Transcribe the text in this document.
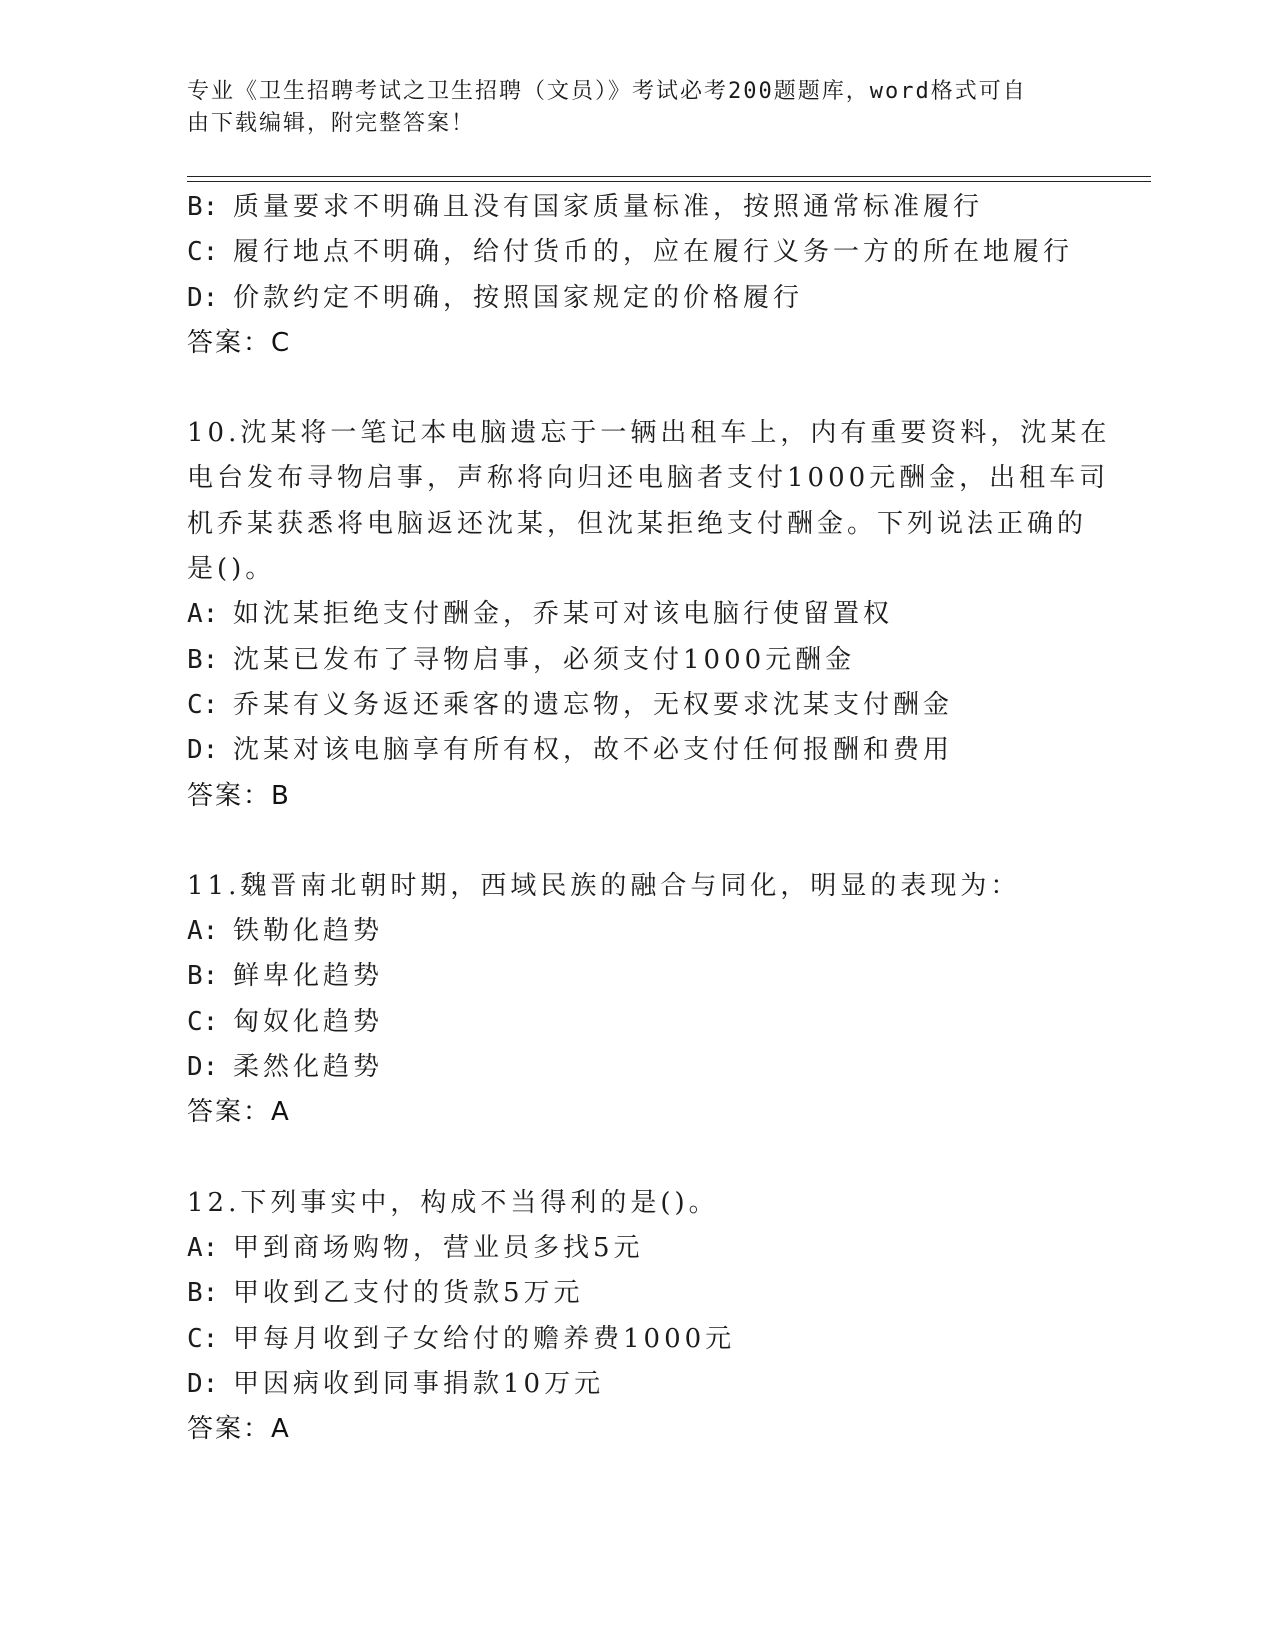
专业《卫生招聘考试之卫生招聘（文员）》考试必考200题题库，word格式可自
由下载编辑，附完整答案！
B: 质量要求不明确且没有国家质量标准，按照通常标准履行
C: 履行地点不明确，给付货币的，应在履行义务一方的所在地履行
D: 价款约定不明确，按照国家规定的价格履行
答案：C
10.沈某将一笔记本电脑遗忘于一辆出租车上，内有重要资料，沈某在
电台发布寻物启事，声称将向归还电脑者支付1000元酬金，出租车司
机乔某获悉将电脑返还沈某，但沈某拒绝支付酬金。下列说法正确的
是()。
A: 如沈某拒绝支付酬金，乔某可对该电脑行使留置权
B: 沈某已发布了寻物启事，必须支付1000元酬金
C: 乔某有义务返还乘客的遗忘物，无权要求沈某支付酬金
D: 沈某对该电脑享有所有权，故不必支付任何报酬和费用
答案：B
11.魏晋南北朝时期，西域民族的融合与同化，明显的表现为：
A: 铁勒化趋势
B: 鲜卑化趋势
C: 匈奴化趋势
D: 柔然化趋势
答案：A
12.下列事实中，构成不当得利的是()。
A: 甲到商场购物，营业员多找5元
B: 甲收到乙支付的货款5万元
C: 甲每月收到子女给付的赡养费1000元
D: 甲因病收到同事捐款10万元
答案：A
